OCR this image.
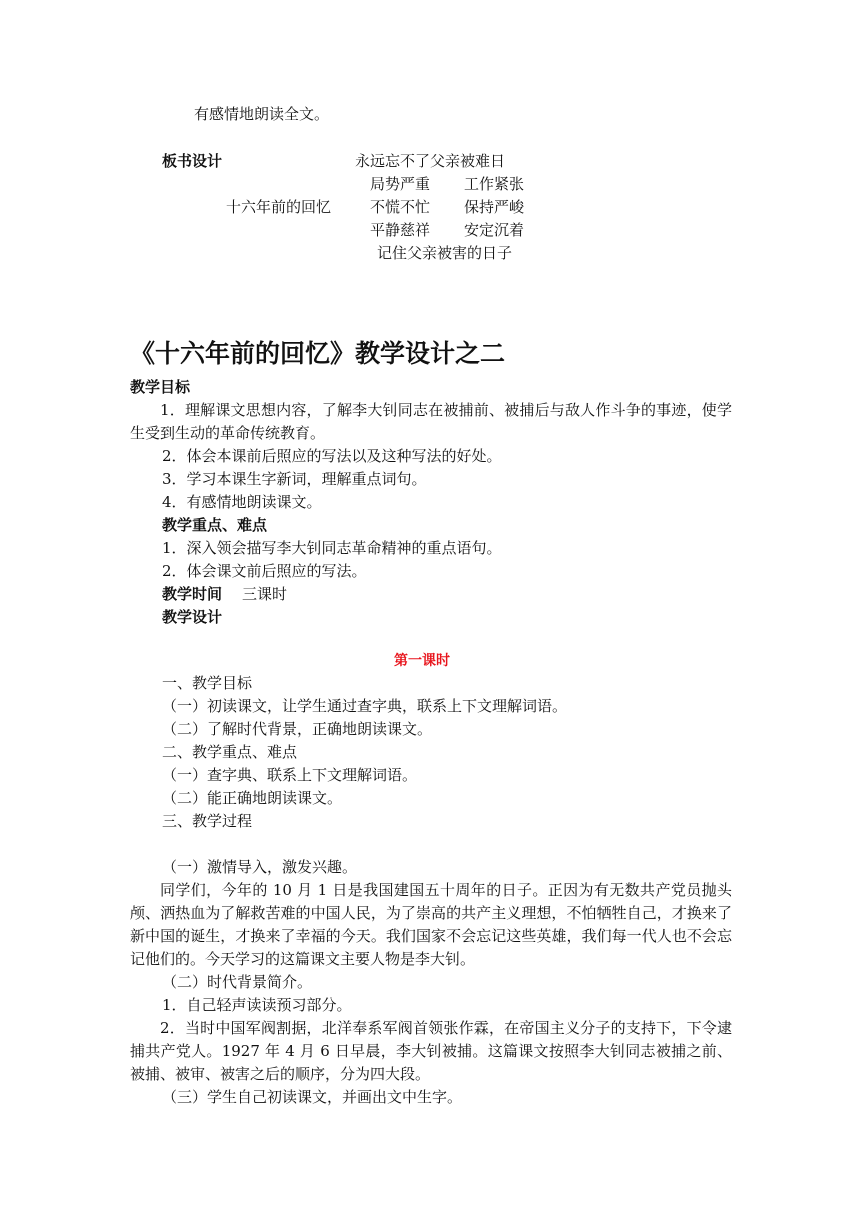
有感情地朗读全文。
板书设计	永远忘不了父亲被难日
局势严重 工作紧张
十六年前的回忆	不慌不忙 保持严峻
平静慈祥 安定沉着
记住父亲被害的日子
《十六年前的回忆》教学设计之二
教学目标
1．理解课文思想内容，了解李大钊同志在被捕前、被捕后与敌人作斗争的事迹，使学生受到生动的革命传统教育。
2．体会本课前后照应的写法以及这种写法的好处。
3．学习本课生字新词，理解重点词句。
4．有感情地朗读课文。
教学重点、难点
1．深入领会描写李大钊同志革命精神的重点语句。
2．体会课文前后照应的写法。
教学时间 三课时
教学设计
第一课时
一、教学目标
（一）初读课文，让学生通过查字典，联系上下文理解词语。
（二）了解时代背景，正确地朗读课文。
二、教学重点、难点
（一）查字典、联系上下文理解词语。
（二）能正确地朗读课文。
三、教学过程
（一）激情导入，激发兴趣。
同学们，今年的 10 月 1 日是我国建国五十周年的日子。正因为有无数共产党员抛头颅、洒热血为了解救苦难的中国人民，为了崇高的共产主义理想，不怕牺牲自己，才换来了新中国的诞生，才换来了幸福的今天。我们国家不会忘记这些英雄，我们每一代人也不会忘记他们的。今天学习的这篇课文主要人物是李大钊。
（二）时代背景简介。
1．自己轻声读读预习部分。
2．当时中国军阀割据，北洋奉系军阀首领张作霖，在帝国主义分子的支持下，下令逮捕共产党人。1927 年 4 月 6 日早晨，李大钊被捕。这篇课文按照李大钊同志被捕之前、被捕、被审、被害之后的顺序，分为四大段。
（三）学生自己初读课文，并画出文中生字。
